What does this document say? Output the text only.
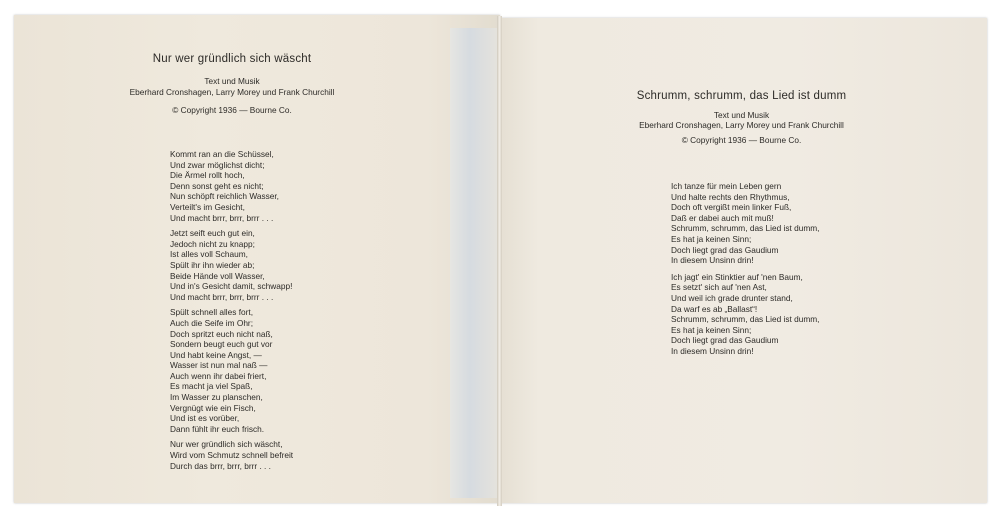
Nur wer gründlich sich wäscht
Text und Musik
Eberhard Cronshagen, Larry Morey und Frank Churchill
© Copyright 1936 — Bourne Co.
Kommt ran an die Schüssel,
Und zwar möglichst dicht;
Die Ärmel rollt hoch,
Denn sonst geht es nicht;
Nun schöpft reichlich Wasser,
Verteilt's im Gesicht,
Und macht brrr, brrr, brrr . . .
Jetzt seift euch gut ein,
Jedoch nicht zu knapp;
Ist alles voll Schaum,
Spült ihr ihn wieder ab;
Beide Hände voll Wasser,
Und in's Gesicht damit, schwapp!
Und macht brrr, brrr, brrr . . .
Spült schnell alles fort,
Auch die Seife im Ohr;
Doch spritzt euch nicht naß,
Sondern beugt euch gut vor
Und habt keine Angst, —
Wasser ist nun mal naß —
Auch wenn ihr dabei friert,
Es macht ja viel Spaß,
Im Wasser zu planschen,
Vergnügt wie ein Fisch,
Und ist es vorüber,
Dann fühlt ihr euch frisch.
Nur wer gründlich sich wäscht,
Wird vom Schmutz schnell befreit
Durch das brrr, brrr, brrr . . .
Schrumm, schrumm, das Lied ist dumm
Text und Musik
Eberhard Cronshagen, Larry Morey und Frank Churchill
© Copyright 1936 — Bourne Co.
Ich tanze für mein Leben gern
Und halte rechts den Rhythmus,
Doch oft vergißt mein linker Fuß,
Daß er dabei auch mit muß!
Schrumm, schrumm, das Lied ist dumm,
Es hat ja keinen Sinn;
Doch liegt grad das Gaudium
In diesem Unsinn drin!
Ich jagt' ein Stinktier auf 'nen Baum,
Es setzt' sich auf 'nen Ast,
Und weil ich grade drunter stand,
Da warf es ab „Ballast“!
Schrumm, schrumm, das Lied ist dumm,
Es hat ja keinen Sinn;
Doch liegt grad das Gaudium
In diesem Unsinn drin!
